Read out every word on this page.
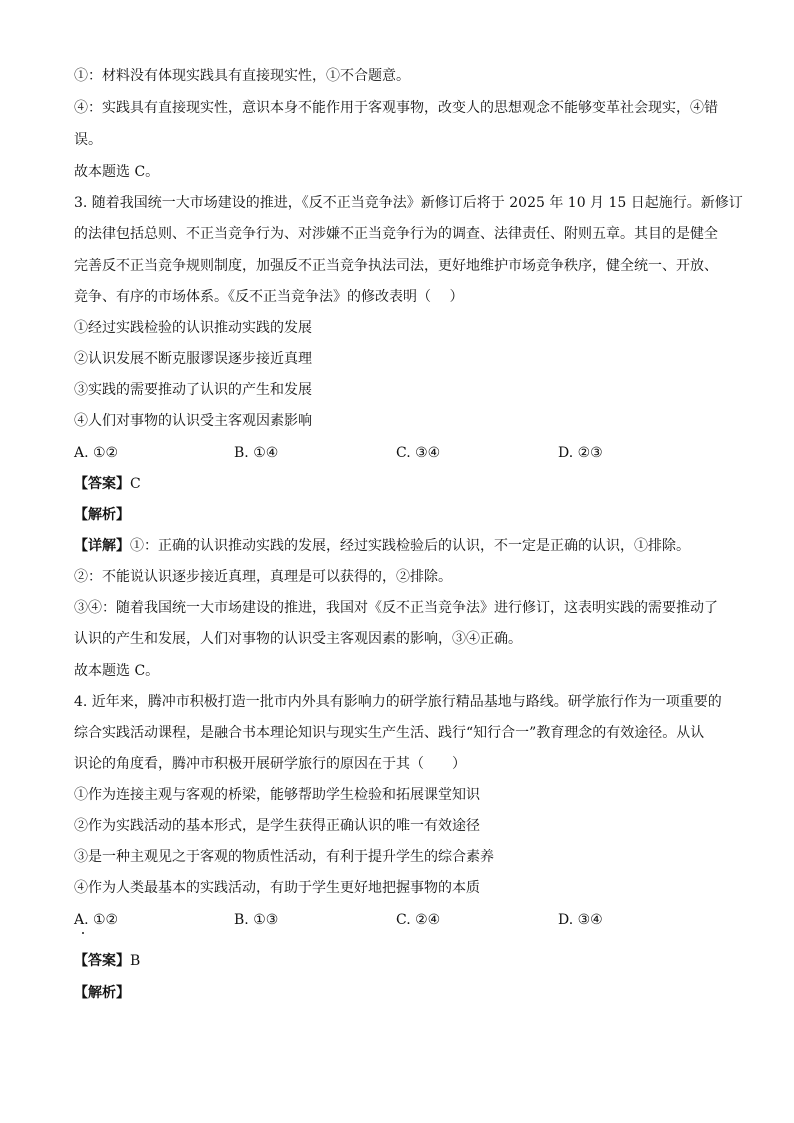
①：材料没有体现实践具有直接现实性，①不合题意。
④：实践具有直接现实性，意识本身不能作用于客观事物，改变人的思想观念不能够变革社会现实，④错
误。
故本题选 C。
3. 随着我国统一大市场建设的推进，《反不正当竞争法》新修订后将于 2025 年 10 月 15 日起施行。新修订
的法律包括总则、不正当竞争行为、对涉嫌不正当竞争行为的调查、法律责任、附则五章。其目的是健全
完善反不正当竞争规则制度，加强反不正当竞争执法司法，更好地维护市场竞争秩序，健全统一、开放、
竞争、有序的市场体系。《反不正当竞争法》的修改表明（　 ）
①经过实践检验的认识推动实践的发展
②认识发展不断克服谬误逐步接近真理
③实践的需要推动了认识的产生和发展
④人们对事物的认识受主客观因素影响
A. ①②	B. ①④	C. ③④	D. ②③
【答案】C
【解析】
【详解】①：正确的认识推动实践的发展，经过实践检验后的认识，不一定是正确的认识，①排除。
②：不能说认识逐步接近真理，真理是可以获得的，②排除。
③④：随着我国统一大市场建设的推进，我国对《反不正当竞争法》进行修订，这表明实践的需要推动了
认识的产生和发展，人们对事物的认识受主客观因素的影响，③④正确。
故本题选 C。
4. 近年来，腾冲市积极打造一批市内外具有影响力的研学旅行精品基地与路线。研学旅行作为一项重要的
综合实践活动课程，是融合书本理论知识与现实生产生活、践行“知行合一”教育理念的有效途径。从认
识论的角度看，腾冲市积极开展研学旅行的原因在于其（　　）
①作为连接主观与客观的桥梁，能够帮助学生检验和拓展课堂知识
②作为实践活动的基本形式，是学生获得正确认识的唯一有效途径
③是一种主观见之于客观的物质性活动，有利于提升学生的综合素养
④作为人类最基本的实践活动，有助于学生更好地把握事物的本质
A. ①②	B. ①③	C. ②④	D. ③④
【答案】B
【解析】
